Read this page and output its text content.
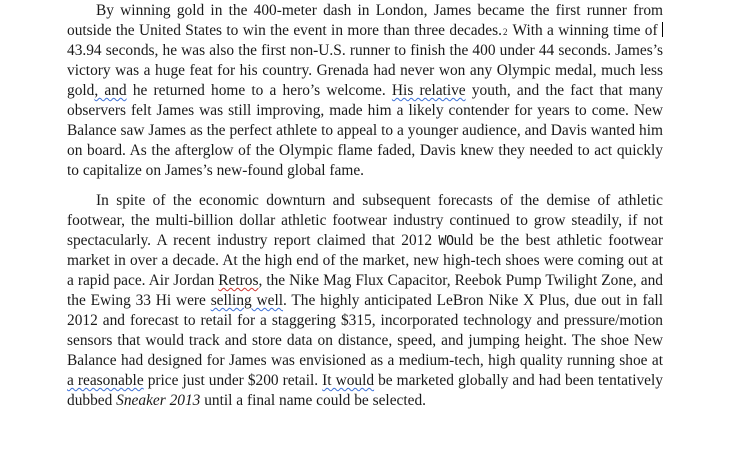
By winning gold in the 400-meter dash in London, James became the first runner from outside the United States to win the event in more than three decades.$^2$ With a winning time of 43.94 seconds, he was also the first non-U.S. runner to finish the 400 under 44 seconds. James’s victory was a huge feat for his country. Grenada had never won any Olympic medal, much less gold, and he returned home to a hero’s welcome. His relative youth, and the fact that many observers felt James was still improving, made him a likely contender for years to come. New Balance saw James as the perfect athlete to appeal to a younger audience, and Davis wanted him on board. As the afterglow of the Olympic flame faded, Davis knew they needed to act quickly to capitalize on James’s new-found global fame.

In spite of the economic downturn and subsequent forecasts of the demise of athletic footwear, the multi-billion dollar athletic footwear industry continued to grow steadily, if not spectacularly. A recent industry report claimed that 2012 WOuld be the best athletic footwear market in over a decade. At the high end of the market, new high-tech shoes were coming out at a rapid pace. Air Jordan Retros, the Nike Mag Flux Capacitor, Reebok Pump Twilight Zone, and the Ewing 33 Hi were selling well. The highly anticipated LeBron Nike X Plus, due out in fall 2012 and forecast to retail for a staggering $315, incorporated technology and pressure/motion sensors that would track and store data on distance, speed, and jumping height. The shoe New Balance had designed for James was envisioned as a medium-tech, high quality running shoe at a reasonable price just under $200 retail. It would be marketed globally and had been tentatively dubbed Sneaker 2013 until a final name could be selected.
